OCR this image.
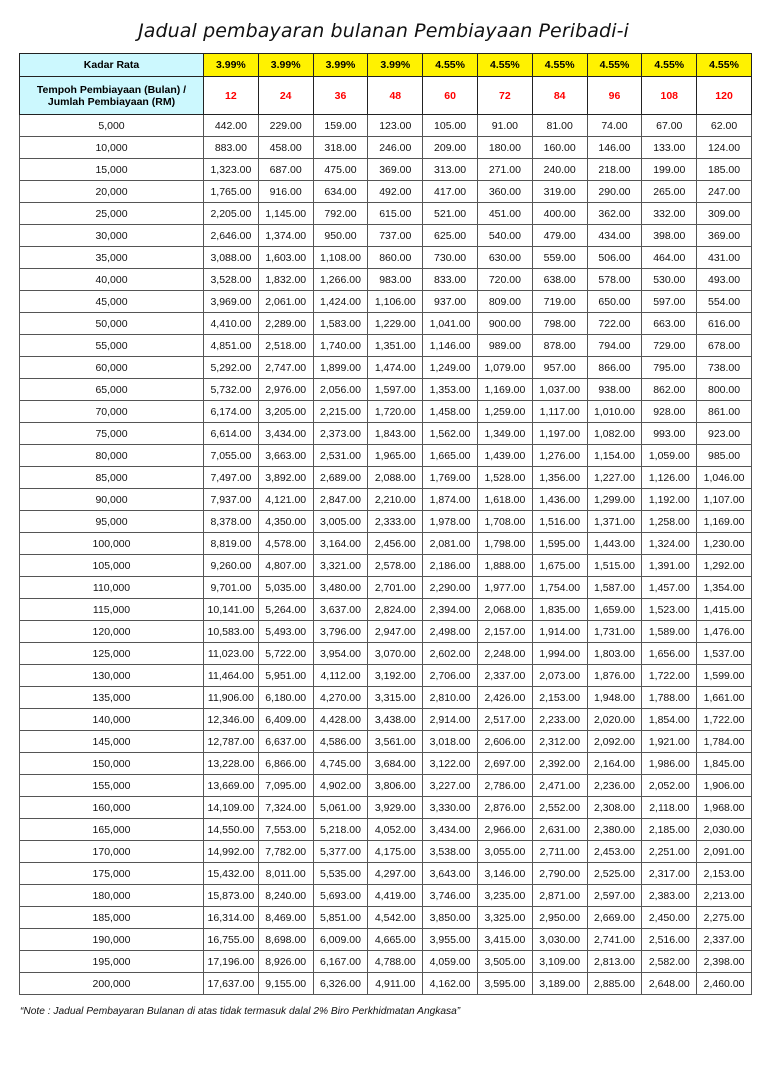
Jadual pembayaran bulanan Pembiayaan Peribadi-i
Kadar Rata	3.99%	3.99%	3.99%	3.99%	4.55%	4.55%	4.55%	4.55%	4.55%	4.55%

Tempoh Pembiayaan (Bulan) /
Jumlah Pembiayaan (RM)	12	24	36	48	60	72	84	96	108	120
5,000	442.00	229.00	159.00	123.00	105.00	91.00	81.00	74.00	67.00	62.00
10,000	883.00	458.00	318.00	246.00	209.00	180.00	160.00	146.00	133.00	124.00
15,000	1,323.00	687.00	475.00	369.00	313.00	271.00	240.00	218.00	199.00	185.00
20,000	1,765.00	916.00	634.00	492.00	417.00	360.00	319.00	290.00	265.00	247.00
25,000	2,205.00	1,145.00	792.00	615.00	521.00	451.00	400.00	362.00	332.00	309.00
30,000	2,646.00	1,374.00	950.00	737.00	625.00	540.00	479.00	434.00	398.00	369.00
35,000	3,088.00	1,603.00	1,108.00	860.00	730.00	630.00	559.00	506.00	464.00	431.00
40,000	3,528.00	1,832.00	1,266.00	983.00	833.00	720.00	638.00	578.00	530.00	493.00
45,000	3,969.00	2,061.00	1,424.00	1,106.00	937.00	809.00	719.00	650.00	597.00	554.00
50,000	4,410.00	2,289.00	1,583.00	1,229.00	1,041.00	900.00	798.00	722.00	663.00	616.00
55,000	4,851.00	2,518.00	1,740.00	1,351.00	1,146.00	989.00	878.00	794.00	729.00	678.00
60,000	5,292.00	2,747.00	1,899.00	1,474.00	1,249.00	1,079.00	957.00	866.00	795.00	738.00
65,000	5,732.00	2,976.00	2,056.00	1,597.00	1,353.00	1,169.00	1,037.00	938.00	862.00	800.00
70,000	6,174.00	3,205.00	2,215.00	1,720.00	1,458.00	1,259.00	1,117.00	1,010.00	928.00	861.00
75,000	6,614.00	3,434.00	2,373.00	1,843.00	1,562.00	1,349.00	1,197.00	1,082.00	993.00	923.00
80,000	7,055.00	3,663.00	2,531.00	1,965.00	1,665.00	1,439.00	1,276.00	1,154.00	1,059.00	985.00
85,000	7,497.00	3,892.00	2,689.00	2,088.00	1,769.00	1,528.00	1,356.00	1,227.00	1,126.00	1,046.00
90,000	7,937.00	4,121.00	2,847.00	2,210.00	1,874.00	1,618.00	1,436.00	1,299.00	1,192.00	1,107.00
95,000	8,378.00	4,350.00	3,005.00	2,333.00	1,978.00	1,708.00	1,516.00	1,371.00	1,258.00	1,169.00
100,000	8,819.00	4,578.00	3,164.00	2,456.00	2,081.00	1,798.00	1,595.00	1,443.00	1,324.00	1,230.00
105,000	9,260.00	4,807.00	3,321.00	2,578.00	2,186.00	1,888.00	1,675.00	1,515.00	1,391.00	1,292.00
110,000	9,701.00	5,035.00	3,480.00	2,701.00	2,290.00	1,977.00	1,754.00	1,587.00	1,457.00	1,354.00
115,000	10,141.00	5,264.00	3,637.00	2,824.00	2,394.00	2,068.00	1,835.00	1,659.00	1,523.00	1,415.00
120,000	10,583.00	5,493.00	3,796.00	2,947.00	2,498.00	2,157.00	1,914.00	1,731.00	1,589.00	1,476.00
125,000	11,023.00	5,722.00	3,954.00	3,070.00	2,602.00	2,248.00	1,994.00	1,803.00	1,656.00	1,537.00
130,000	11,464.00	5,951.00	4,112.00	3,192.00	2,706.00	2,337.00	2,073.00	1,876.00	1,722.00	1,599.00
135,000	11,906.00	6,180.00	4,270.00	3,315.00	2,810.00	2,426.00	2,153.00	1,948.00	1,788.00	1,661.00
140,000	12,346.00	6,409.00	4,428.00	3,438.00	2,914.00	2,517.00	2,233.00	2,020.00	1,854.00	1,722.00
145,000	12,787.00	6,637.00	4,586.00	3,561.00	3,018.00	2,606.00	2,312.00	2,092.00	1,921.00	1,784.00
150,000	13,228.00	6,866.00	4,745.00	3,684.00	3,122.00	2,697.00	2,392.00	2,164.00	1,986.00	1,845.00
155,000	13,669.00	7,095.00	4,902.00	3,806.00	3,227.00	2,786.00	2,471.00	2,236.00	2,052.00	1,906.00
160,000	14,109.00	7,324.00	5,061.00	3,929.00	3,330.00	2,876.00	2,552.00	2,308.00	2,118.00	1,968.00
165,000	14,550.00	7,553.00	5,218.00	4,052.00	3,434.00	2,966.00	2,631.00	2,380.00	2,185.00	2,030.00
170,000	14,992.00	7,782.00	5,377.00	4,175.00	3,538.00	3,055.00	2,711.00	2,453.00	2,251.00	2,091.00
175,000	15,432.00	8,011.00	5,535.00	4,297.00	3,643.00	3,146.00	2,790.00	2,525.00	2,317.00	2,153.00
180,000	15,873.00	8,240.00	5,693.00	4,419.00	3,746.00	3,235.00	2,871.00	2,597.00	2,383.00	2,213.00
185,000	16,314.00	8,469.00	5,851.00	4,542.00	3,850.00	3,325.00	2,950.00	2,669.00	2,450.00	2,275.00
190,000	16,755.00	8,698.00	6,009.00	4,665.00	3,955.00	3,415.00	3,030.00	2,741.00	2,516.00	2,337.00
195,000	17,196.00	8,926.00	6,167.00	4,788.00	4,059.00	3,505.00	3,109.00	2,813.00	2,582.00	2,398.00
200,000	17,637.00	9,155.00	6,326.00	4,911.00	4,162.00	3,595.00	3,189.00	2,885.00	2,648.00	2,460.00
“Note : Jadual Pembayaran Bulanan di atas tidak termasuk dalal 2% Biro Perkhidmatan Angkasa”
